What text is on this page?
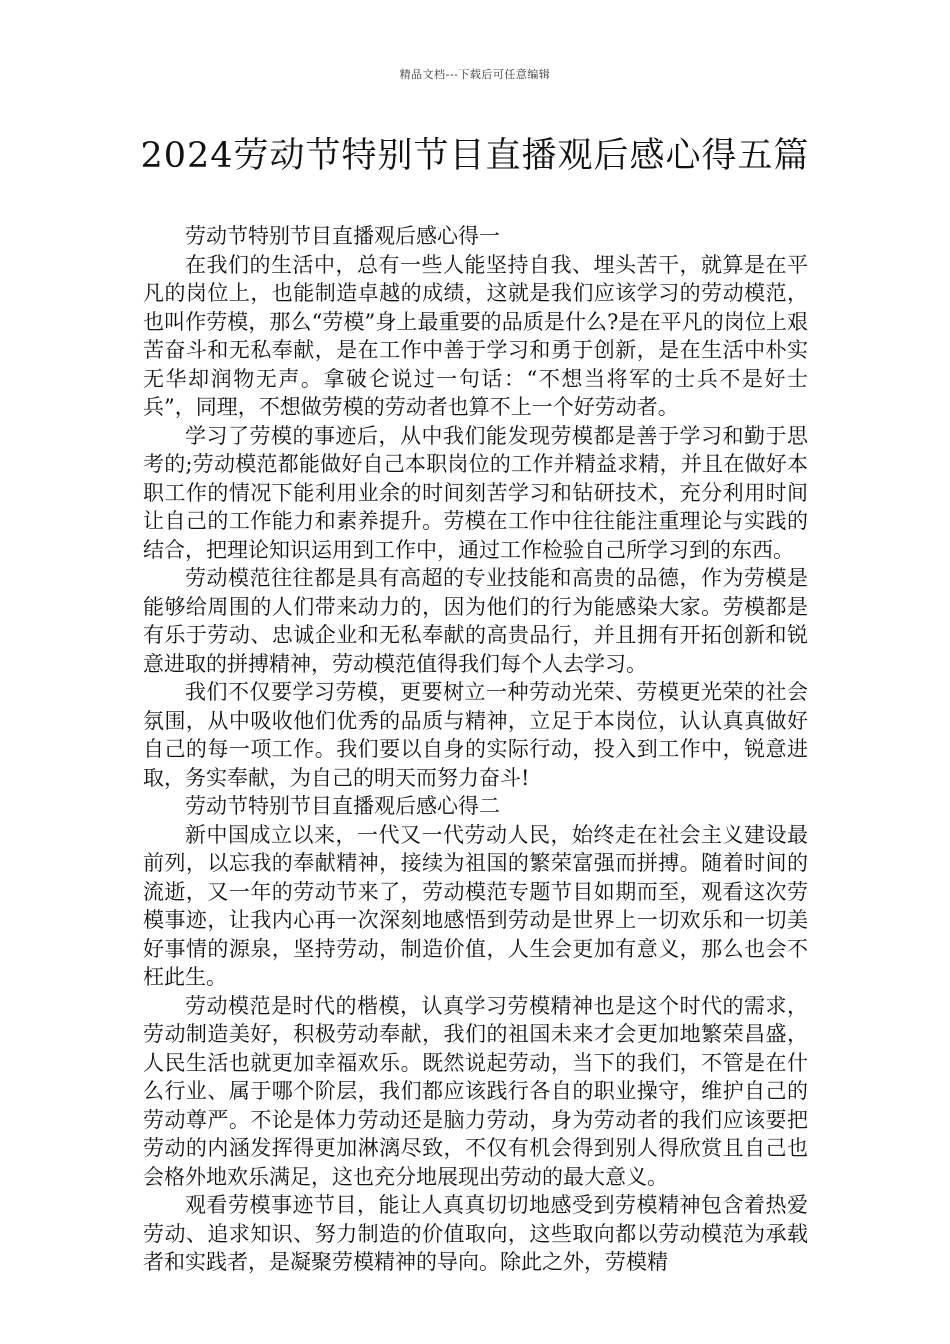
精品文档---下载后可任意编辑
2024劳动节特别节目直播观后感心得五篇

劳动节特别节目直播观后感心得一

在我们的生活中，总有一些人能坚持自我、埋头苦干，就算是在平凡的岗位上，也能制造卓越的成绩，这就是我们应该学习的劳动模范，也叫作劳模，那么“劳模”身上最重要的品质是什么?是在平凡的岗位上艰苦奋斗和无私奉献，是在工作中善于学习和勇于创新，是在生活中朴实无华却润物无声。拿破仑说过一句话：“不想当将军的士兵不是好士兵”，同理，不想做劳模的劳动者也算不上一个好劳动者。

学习了劳模的事迹后，从中我们能发现劳模都是善于学习和勤于思考的;劳动模范都能做好自己本职岗位的工作并精益求精，并且在做好本职工作的情况下能利用业余的时间刻苦学习和钻研技术，充分利用时间让自己的工作能力和素养提升。劳模在工作中往往能注重理论与实践的结合，把理论知识运用到工作中，通过工作检验自己所学习到的东西。

劳动模范往往都是具有高超的专业技能和高贵的品德，作为劳模是能够给周围的人们带来动力的，因为他们的行为能感染大家。劳模都是有乐于劳动、忠诚企业和无私奉献的高贵品行，并且拥有开拓创新和锐意进取的拼搏精神，劳动模范值得我们每个人去学习。

我们不仅要学习劳模，更要树立一种劳动光荣、劳模更光荣的社会氛围，从中吸收他们优秀的品质与精神，立足于本岗位，认认真真做好自己的每一项工作。我们要以自身的实际行动，投入到工作中，锐意进取，务实奉献，为自己的明天而努力奋斗!

劳动节特别节目直播观后感心得二

新中国成立以来，一代又一代劳动人民，始终走在社会主义建设最前列，以忘我的奉献精神，接续为祖国的繁荣富强而拼搏。随着时间的流逝，又一年的劳动节来了，劳动模范专题节目如期而至，观看这次劳模事迹，让我内心再一次深刻地感悟到劳动是世界上一切欢乐和一切美好事情的源泉，坚持劳动，制造价值，人生会更加有意义，那么也会不枉此生。

劳动模范是时代的楷模，认真学习劳模精神也是这个时代的需求，劳动制造美好，积极劳动奉献，我们的祖国未来才会更加地繁荣昌盛，人民生活也就更加幸福欢乐。既然说起劳动，当下的我们，不管是在什么行业、属于哪个阶层，我们都应该践行各自的职业操守，维护自己的劳动尊严。不论是体力劳动还是脑力劳动，身为劳动者的我们应该要把劳动的内涵发挥得更加淋漓尽致，不仅有机会得到别人得欣赏且自己也会格外地欢乐满足，这也充分地展现出劳动的最大意义。

观看劳模事迹节目，能让人真真切切地感受到劳模精神包含着热爱劳动、追求知识、努力制造的价值取向，这些取向都以劳动模范为承载者和实践者，是凝聚劳模精神的导向。除此之外，劳模精
